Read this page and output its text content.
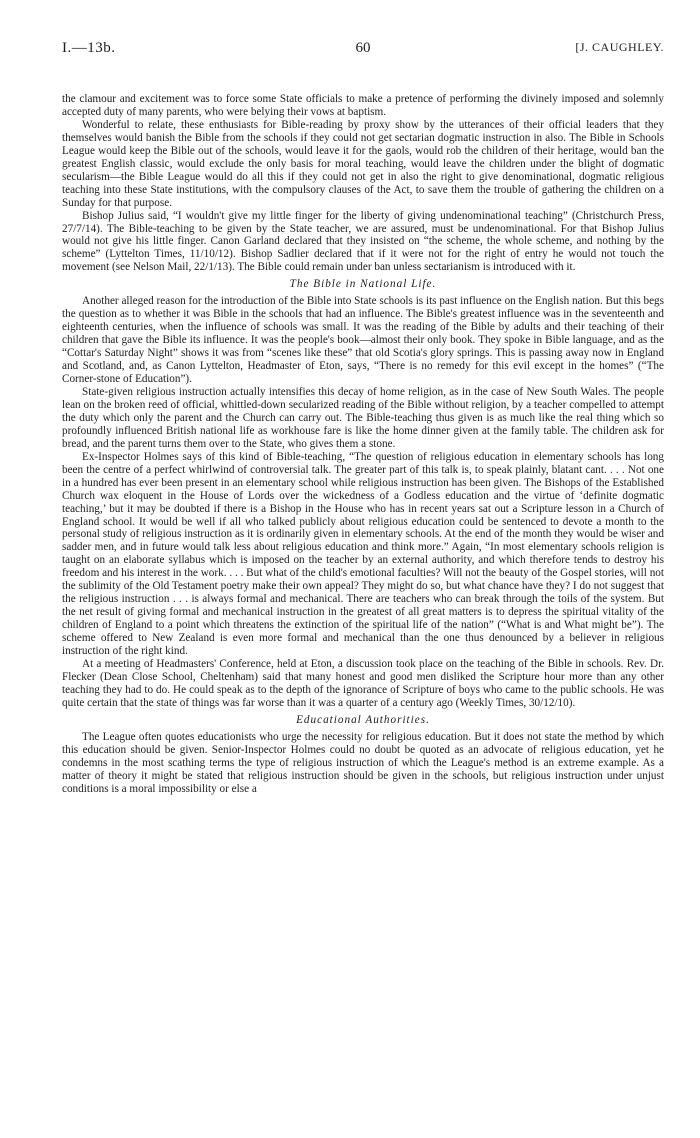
I.—13b.	60	[J. CAUGHLEY.

the clamour and excitement was to force some State officials to make a pretence of performing the divinely imposed and solemnly accepted duty of many parents, who were belying their vows at baptism.

Wonderful to relate, these enthusiasts for Bible-reading by proxy show by the utterances of their official leaders that they themselves would banish the Bible from the schools if they could not get sectarian dogmatic instruction in also. The Bible in Schools League would keep the Bible out of the schools, would leave it for the gaols, would rob the children of their heritage, would ban the greatest English classic, would exclude the only basis for moral teaching, would leave the children under the blight of dogmatic secularism—the Bible League would do all this if they could not get in also the right to give denominational, dogmatic religious teaching into these State institutions, with the compulsory clauses of the Act, to save them the trouble of gathering the children on a Sunday for that purpose.

Bishop Julius said, “I wouldn't give my little finger for the liberty of giving undenominational teaching” (Christchurch Press, 27/7/14). The Bible-teaching to be given by the State teacher, we are assured, must be undenominational. For that Bishop Julius would not give his little finger. Canon Garland declared that they insisted on “the scheme, the whole scheme, and nothing by the scheme” (Lyttelton Times, 11/10/12). Bishop Sadlier declared that if it were not for the right of entry he would not touch the movement (see Nelson Mail, 22/1/13). The Bible could remain under ban unless sectarianism is introduced with it.

The Bible in National Life.

Another alleged reason for the introduction of the Bible into State schools is its past influence on the English nation. But this begs the question as to whether it was Bible in the schools that had an influence. The Bible's greatest influence was in the seventeenth and eighteenth centuries, when the influence of schools was small. It was the reading of the Bible by adults and their teaching of their children that gave the Bible its influence. It was the people's book—almost their only book. They spoke in Bible language, and as the “Cottar's Saturday Night” shows it was from “scenes like these” that old Scotia's glory springs. This is passing away now in England and Scotland, and, as Canon Lyttelton, Headmaster of Eton, says, “There is no remedy for this evil except in the homes” (“The Corner-stone of Education”).

State-given religious instruction actually intensifies this decay of home religion, as in the case of New South Wales. The people lean on the broken reed of official, whittled-down secularized reading of the Bible without religion, by a teacher compelled to attempt the duty which only the parent and the Church can carry out. The Bible-teaching thus given is as much like the real thing which so profoundly influenced British national life as workhouse fare is like the home dinner given at the family table. The children ask for bread, and the parent turns them over to the State, who gives them a stone.

Ex-Inspector Holmes says of this kind of Bible-teaching, “The question of religious education in elementary schools has long been the centre of a perfect whirlwind of controversial talk. The greater part of this talk is, to speak plainly, blatant cant. . . . Not one in a hundred has ever been present in an elementary school while religious instruction has been given. The Bishops of the Established Church wax eloquent in the House of Lords over the wickedness of a Godless education and the virtue of ‘definite dogmatic teaching,’ but it may be doubted if there is a Bishop in the House who has in recent years sat out a Scripture lesson in a Church of England school. It would be well if all who talked publicly about religious education could be sentenced to devote a month to the personal study of religious instruction as it is ordinarily given in elementary schools. At the end of the month they would be wiser and sadder men, and in future would talk less about religious education and think more.” Again, “In most elementary schools religion is taught on an elaborate syllabus which is imposed on the teacher by an external authority, and which therefore tends to destroy his freedom and his interest in the work. . . . But what of the child's emotional faculties? Will not the beauty of the Gospel stories, will not the sublimity of the Old Testament poetry make their own appeal? They might do so, but what chance have they? I do not suggest that the religious instruction . . . is always formal and mechanical. There are teachers who can break through the toils of the system. But the net result of giving formal and mechanical instruction in the greatest of all great matters is to depress the spiritual vitality of the children of England to a point which threatens the extinction of the spiritual life of the nation” (“What is and What might be”). The scheme offered to New Zealand is even more formal and mechanical than the one thus denounced by a believer in religious instruction of the right kind.

At a meeting of Headmasters' Conference, held at Eton, a discussion took place on the teaching of the Bible in schools. Rev. Dr. Flecker (Dean Close School, Cheltenham) said that many honest and good men disliked the Scripture hour more than any other teaching they had to do. He could speak as to the depth of the ignorance of Scripture of boys who came to the public schools. He was quite certain that the state of things was far worse than it was a quarter of a century ago (Weekly Times, 30/12/10).

Educational Authorities.

The League often quotes educationists who urge the necessity for religious education. But it does not state the method by which this education should be given. Senior-Inspector Holmes could no doubt be quoted as an advocate of religious education, yet he condemns in the most scathing terms the type of religious instruction of which the League's method is an extreme example. As a matter of theory it might be stated that religious instruction should be given in the schools, but religious instruction under unjust conditions is a moral impossibility or else a
